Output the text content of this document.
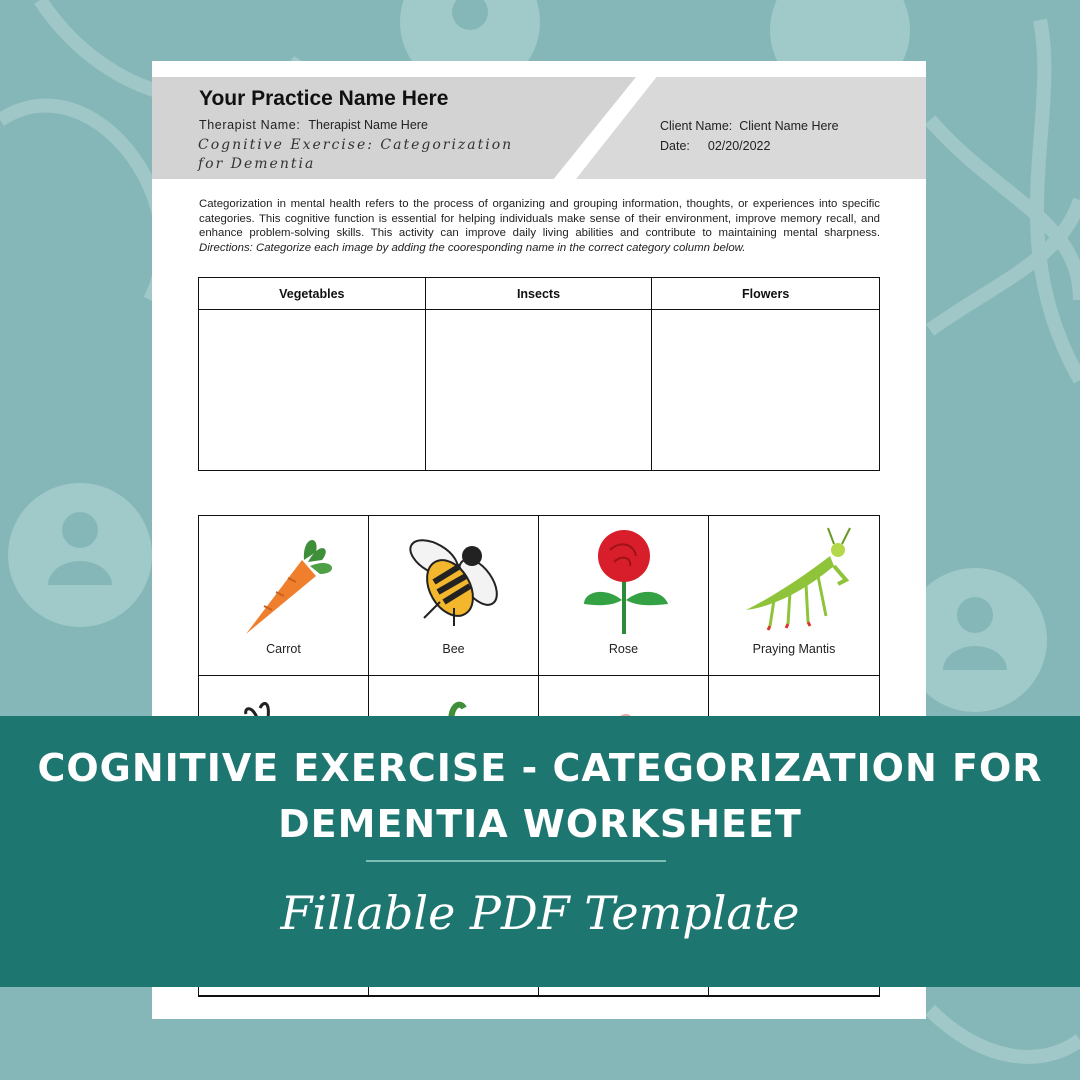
Your Practice Name Here
Therapist Name: Therapist Name Here
Cognitive Exercise: Categorization for Dementia
Client Name: Client Name Here
Date: 02/20/2022
Categorization in mental health refers to the process of organizing and grouping information, thoughts, or experiences into specific categories. This cognitive function is essential for helping individuals make sense of their environment, improve memory recall, and enhance problem-solving skills. This activity can improve daily living abilities and contribute to maintaining mental sharpness. Directions: Categorize each image by adding the cooresponding name in the correct category column below.
Vegetables	Insects	Flowers
Carrot	Bee	Rose	Praying Mantis
COGNITIVE EXERCISE - CATEGORIZATION FOR
DEMENTIA WORKSHEET
Fillable PDF Template
